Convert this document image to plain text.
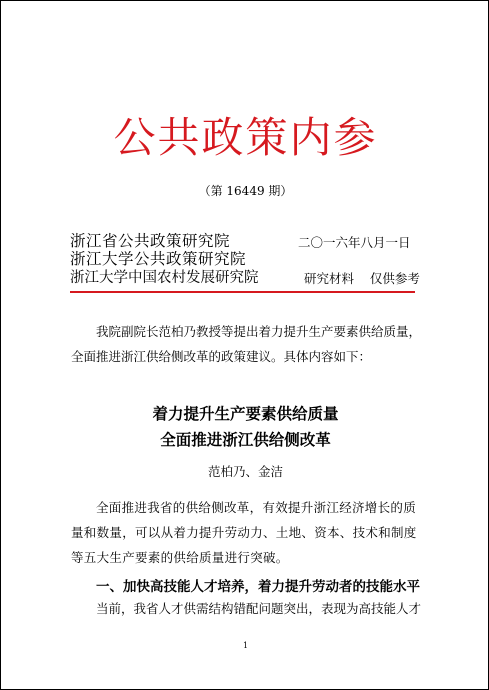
公共政策内参
（第 16449 期）
浙江省公共政策研究院
浙江大学公共政策研究院
浙江大学中国农村发展研究院
二〇一六年八月一日
研究材料    仅供参考
我院副院长范柏乃教授等提出着力提升生产要素供给质量，全面推进浙江供给侧改革的政策建议。具体内容如下：
着力提升生产要素供给质量
全面推进浙江供给侧改革
范柏乃、金洁
全面推进我省的供给侧改革，有效提升浙江经济增长的质量和数量，可以从着力提升劳动力、土地、资本、技术和制度等五大生产要素的供给质量进行突破。
一、加快高技能人才培养，着力提升劳动者的技能水平
当前，我省人才供需结构错配问题突出，表现为高技能人才
1
